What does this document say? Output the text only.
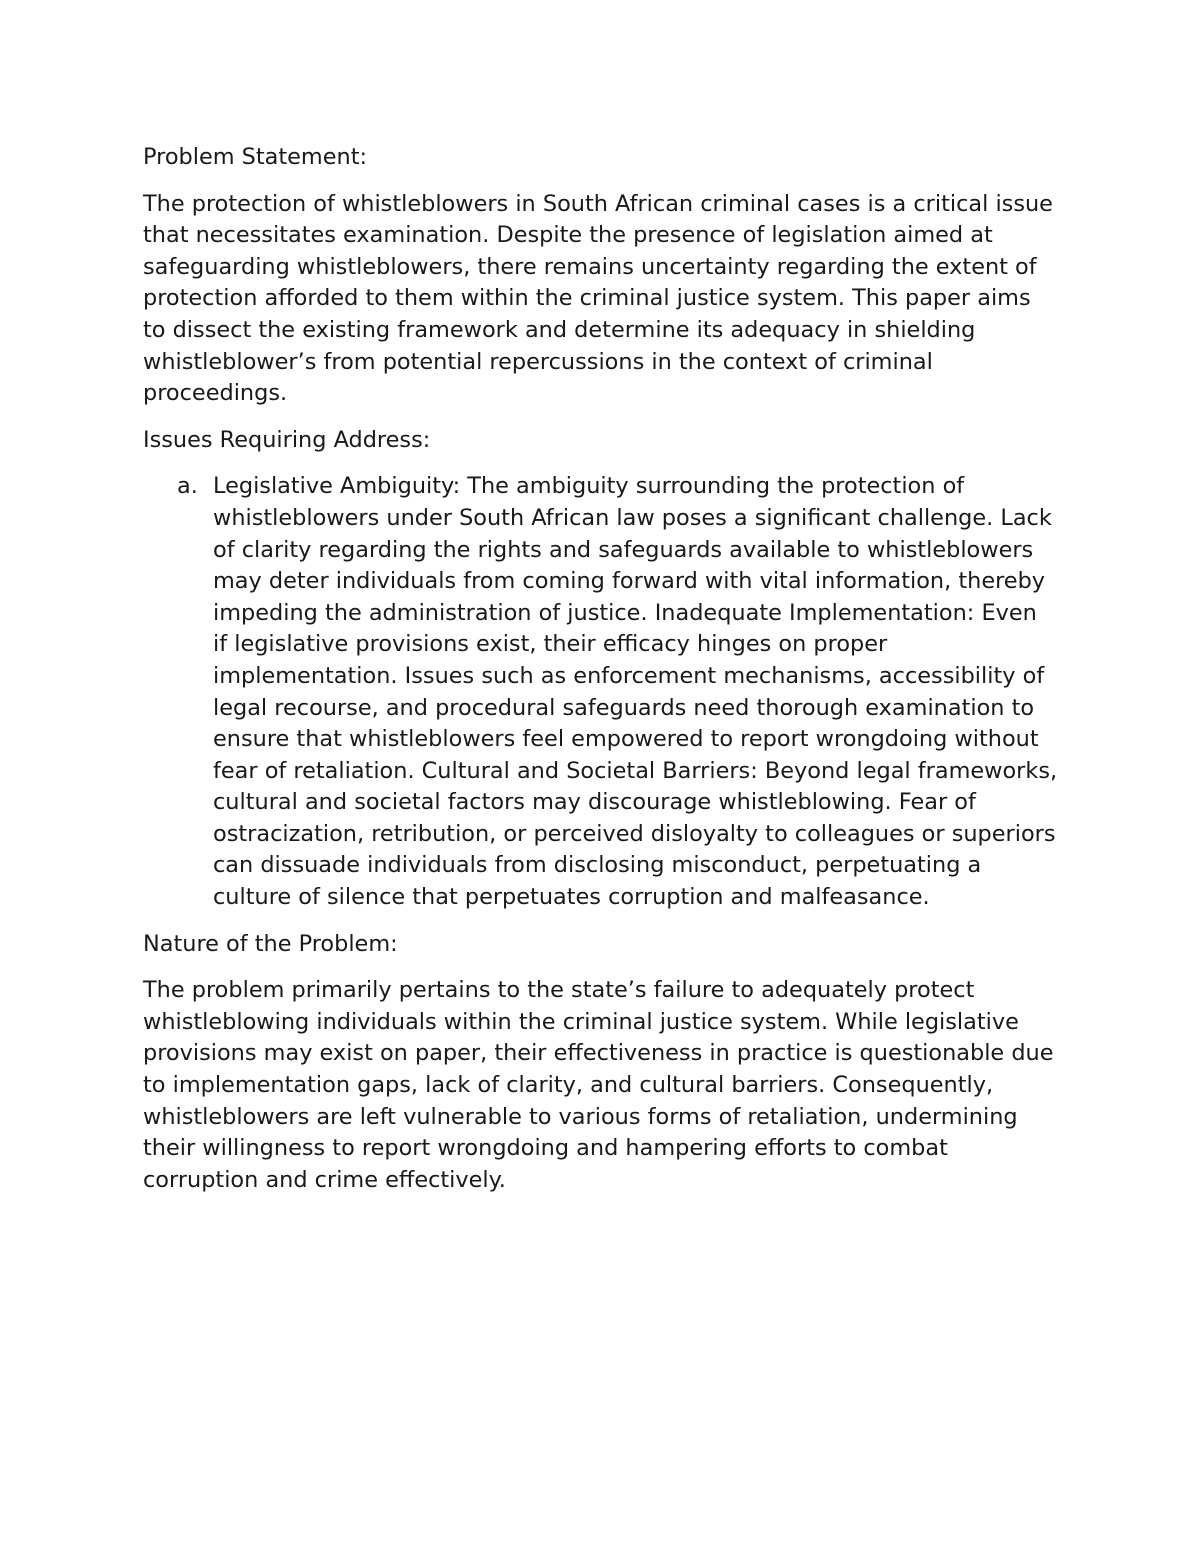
Problem Statement:

The protection of whistleblowers in South African criminal cases is a critical issue that necessitates examination. Despite the presence of legislation aimed at safeguarding whistleblowers, there remains uncertainty regarding the extent of protection afforded to them within the criminal justice system. This paper aims to dissect the existing framework and determine its adequacy in shielding whistleblower’s from potential repercussions in the context of criminal proceedings.

Issues Requiring Address:

a. Legislative Ambiguity: The ambiguity surrounding the protection of whistleblowers under South African law poses a significant challenge. Lack of clarity regarding the rights and safeguards available to whistleblowers may deter individuals from coming forward with vital information, thereby impeding the administration of justice. Inadequate Implementation: Even if legislative provisions exist, their efficacy hinges on proper implementation. Issues such as enforcement mechanisms, accessibility of legal recourse, and procedural safeguards need thorough examination to ensure that whistleblowers feel empowered to report wrongdoing without fear of retaliation. Cultural and Societal Barriers: Beyond legal frameworks, cultural and societal factors may discourage whistleblowing. Fear of ostracization, retribution, or perceived disloyalty to colleagues or superiors can dissuade individuals from disclosing misconduct, perpetuating a culture of silence that perpetuates corruption and malfeasance.

Nature of the Problem:

The problem primarily pertains to the state’s failure to adequately protect whistleblowing individuals within the criminal justice system. While legislative provisions may exist on paper, their effectiveness in practice is questionable due to implementation gaps, lack of clarity, and cultural barriers. Consequently, whistleblowers are left vulnerable to various forms of retaliation, undermining their willingness to report wrongdoing and hampering efforts to combat corruption and crime effectively.
